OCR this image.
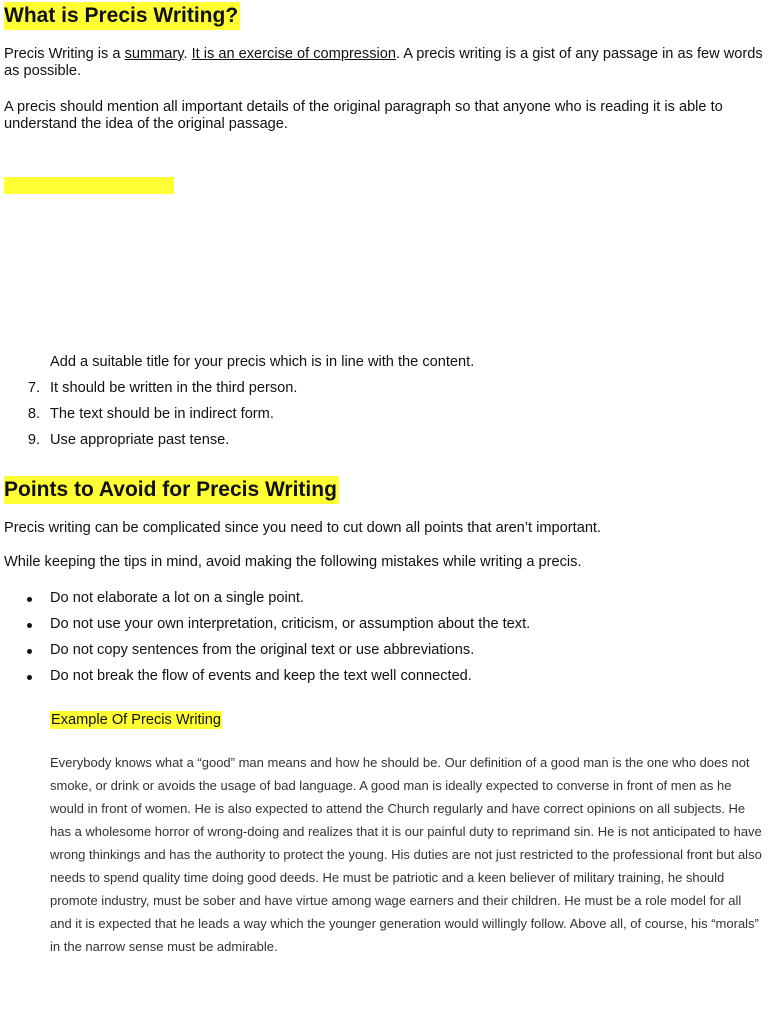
What is Precis Writing?

Precis Writing is a summary. It is an exercise of compression. A precis writing is a gist of any passage in as few words as possible.

A precis should mention all important details of the original paragraph so that anyone who is reading it is able to understand the idea of the original passage.

Add a suitable title for your precis which is in line with the content.
7. It should be written in the third person.
8. The text should be in indirect form.
9. Use appropriate past tense.
Points to Avoid for Precis Writing

Precis writing can be complicated since you need to cut down all points that aren’t important.

While keeping the tips in mind, avoid making the following mistakes while writing a precis.

Do not elaborate a lot on a single point.
Do not use your own interpretation, criticism, or assumption about the text.
Do not copy sentences from the original text or use abbreviations.
Do not break the flow of events and keep the text well connected.
Example Of Precis Writing

Everybody knows what a “good” man means and how he should be. Our definition of a good man is the one who does not smoke, or drink or avoids the usage of bad language. A good man is ideally expected to converse in front of men as he would in front of women. He is also expected to attend the Church regularly and have correct opinions on all subjects. He has a wholesome horror of wrong-doing and realizes that it is our painful duty to reprimand sin. He is not anticipated to have wrong thinkings and has the authority to protect the young. His duties are not just restricted to the professional front but also needs to spend quality time doing good deeds. He must be patriotic and a keen believer of military training, he should promote industry, must be sober and have virtue among wage earners and their children. He must be a role model for all and it is expected that he leads a way which the younger generation would willingly follow. Above all, of course, his “morals” in the narrow sense must be admirable.
